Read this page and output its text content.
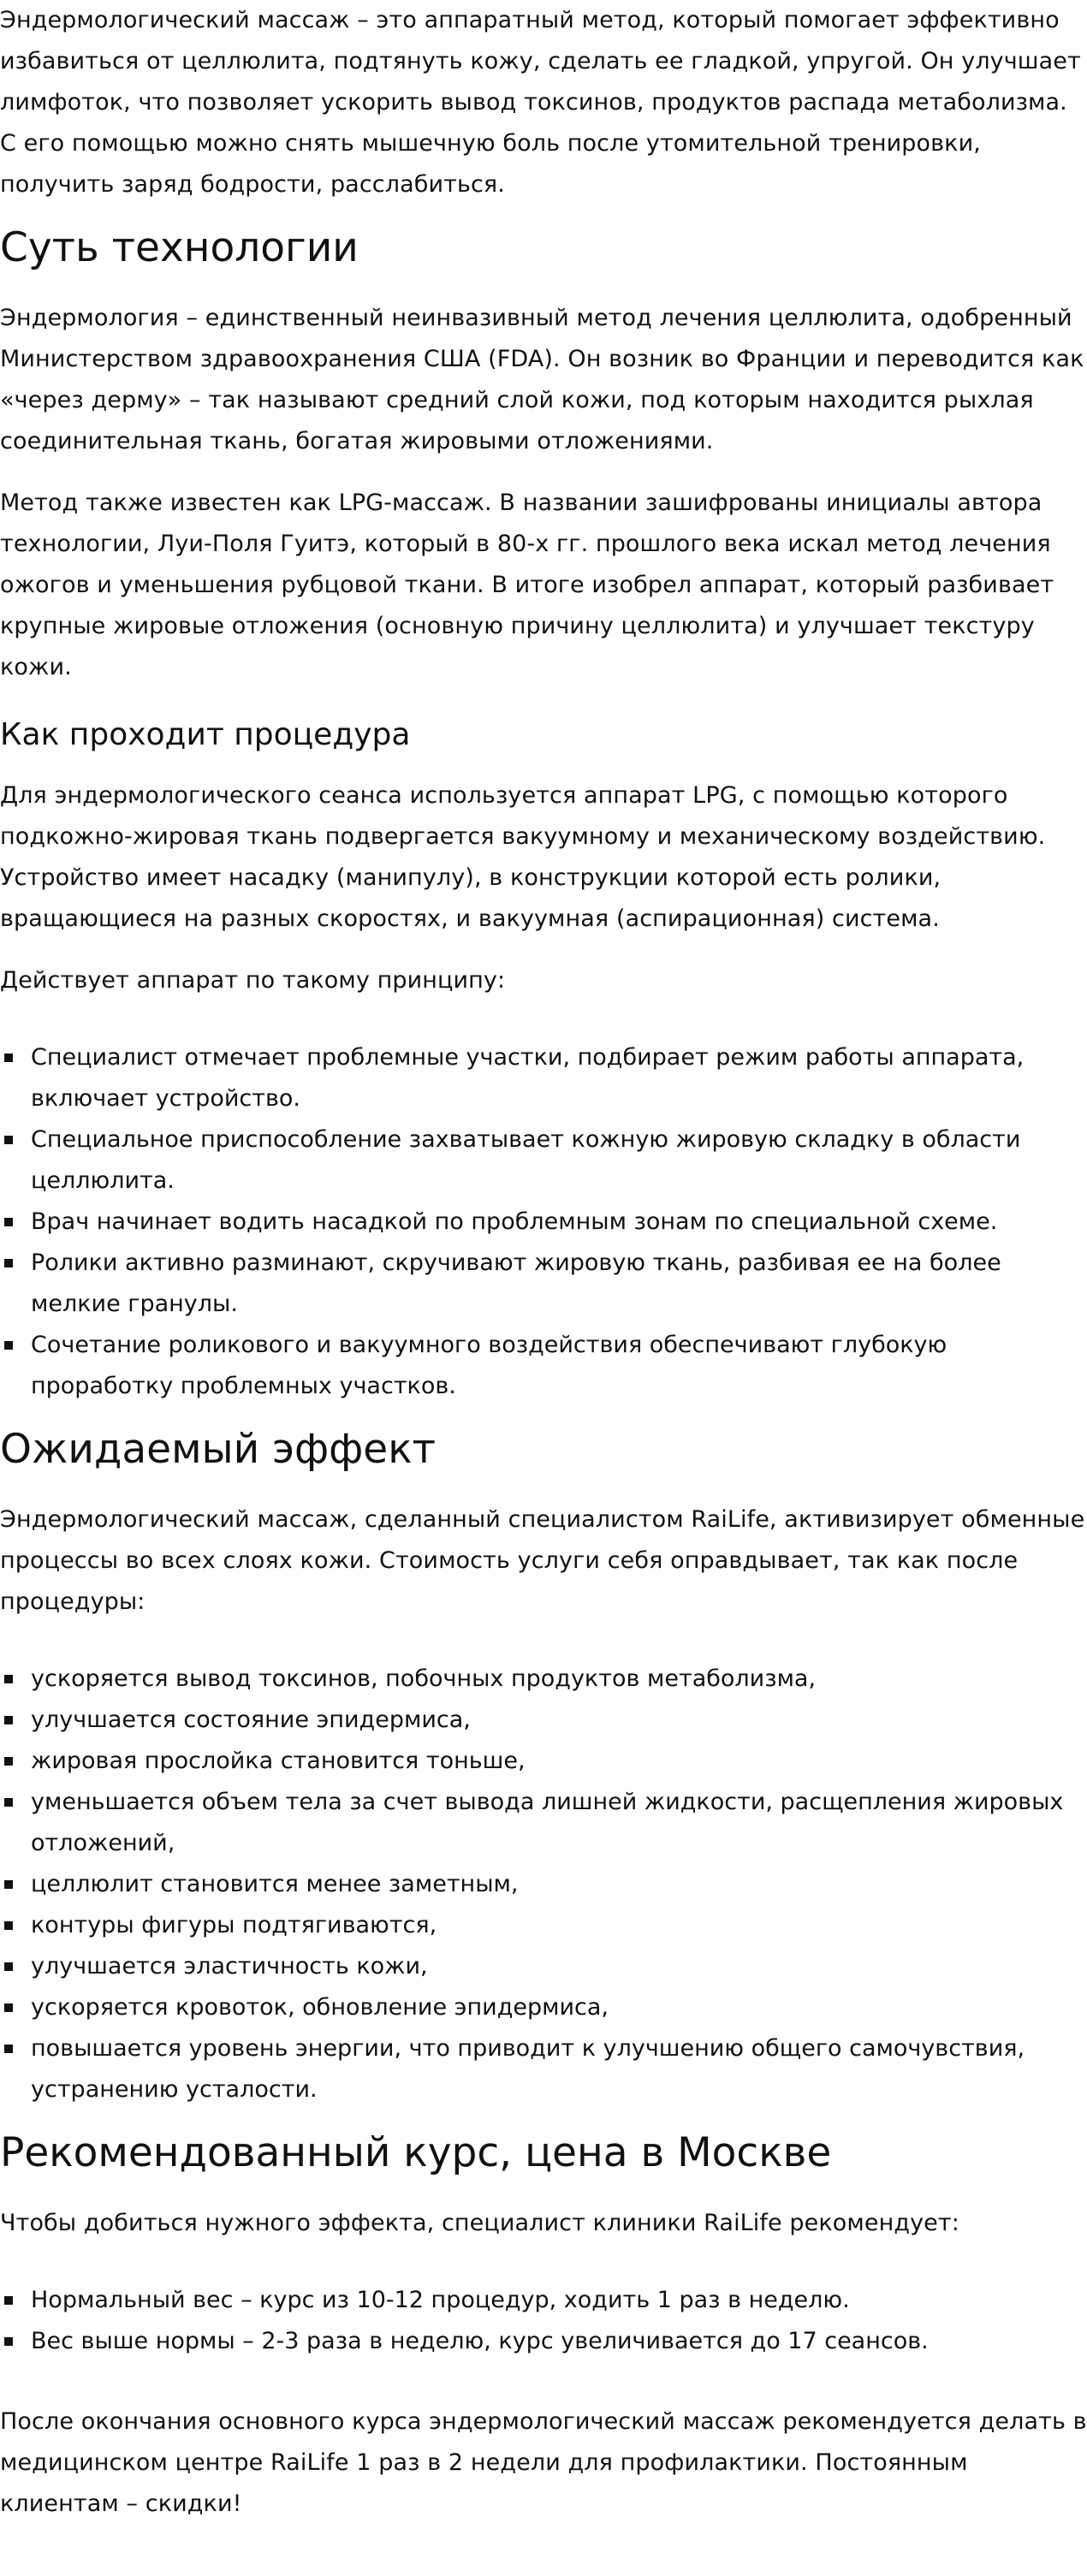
Эндермологический массаж – это аппаратный метод, который помогает эффективно избавиться от целлюлита, подтянуть кожу, сделать ее гладкой, упругой. Он улучшает лимфоток, что позволяет ускорить вывод токсинов, продуктов распада метаболизма. С его помощью можно снять мышечную боль после утомительной тренировки, получить заряд бодрости, расслабиться.

Суть технологии

Эндермология – единственный неинвазивный метод лечения целлюлита, одобренный Министерством здравоохранения США (FDA). Он возник во Франции и переводится как «через дерму» – так называют средний слой кожи, под которым находится рыхлая соединительная ткань, богатая жировыми отложениями.

Метод также известен как LPG-массаж. В названии зашифрованы инициалы автора технологии, Луи-Поля Гуитэ, который в 80-х гг. прошлого века искал метод лечения ожогов и уменьшения рубцовой ткани. В итоге изобрел аппарат, который разбивает крупные жировые отложения (основную причину целлюлита) и улучшает текстуру кожи.

Как проходит процедура

Для эндермологического сеанса используется аппарат LPG, с помощью которого подкожно-жировая ткань подвергается вакуумному и механическому воздействию. Устройство имеет насадку (манипулу), в конструкции которой есть ролики, вращающиеся на разных скоростях, и вакуумная (аспирационная) система.

Действует аппарат по такому принципу:

Специалист отмечает проблемные участки, подбирает режим работы аппарата, включает устройство.
Специальное приспособление захватывает кожную жировую складку в области целлюлита.
Врач начинает водить насадкой по проблемным зонам по специальной схеме.
Ролики активно разминают, скручивают жировую ткань, разбивая ее на более мелкие гранулы.
Сочетание роликового и вакуумного воздействия обеспечивают глубокую проработку проблемных участков.
Ожидаемый эффект

Эндермологический массаж, сделанный специалистом RaiLife, активизирует обменные процессы во всех слоях кожи. Стоимость услуги себя оправдывает, так как после процедуры:

ускоряется вывод токсинов, побочных продуктов метаболизма,
улучшается состояние эпидермиса,
жировая прослойка становится тоньше,
уменьшается объем тела за счет вывода лишней жидкости, расщепления жировых отложений,
целлюлит становится менее заметным,
контуры фигуры подтягиваются,
улучшается эластичность кожи,
ускоряется кровоток, обновление эпидермиса,
повышается уровень энергии, что приводит к улучшению общего самочувствия, устранению усталости.
Рекомендованный курс, цена в Москве

Чтобы добиться нужного эффекта, специалист клиники RaiLife рекомендует:

Нормальный вес – курс из 10-12 процедур, ходить 1 раз в неделю.
Вес выше нормы – 2-3 раза в неделю, курс увеличивается до 17 сеансов.

После окончания основного курса эндермологический массаж рекомендуется делать в медицинском центре RaiLife 1 раз в 2 недели для профилактики. Постоянным клиентам – скидки!
